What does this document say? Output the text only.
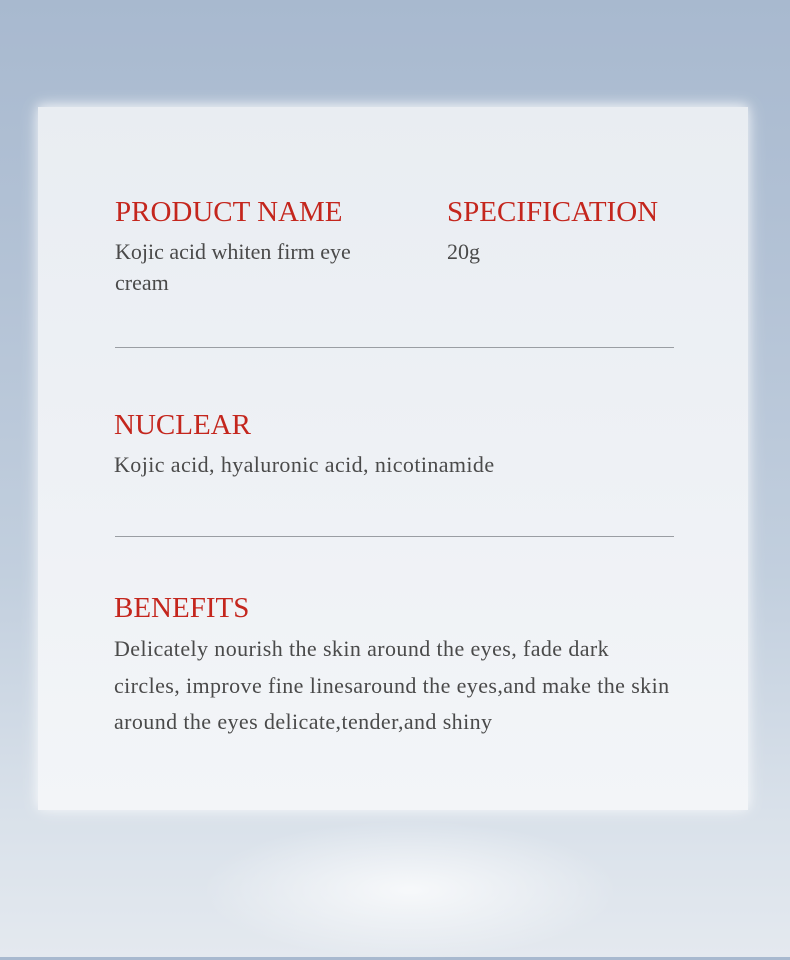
PRODUCT NAME
Kojic acid whiten firm eye cream
SPECIFICATION
20g
NUCLEAR
Kojic acid, hyaluronic acid, nicotinamide
BENEFITS
Delicately nourish the skin around the eyes, fade dark circles, improve fine linesaround the eyes,and make the skin around the eyes delicate,tender,and shiny
